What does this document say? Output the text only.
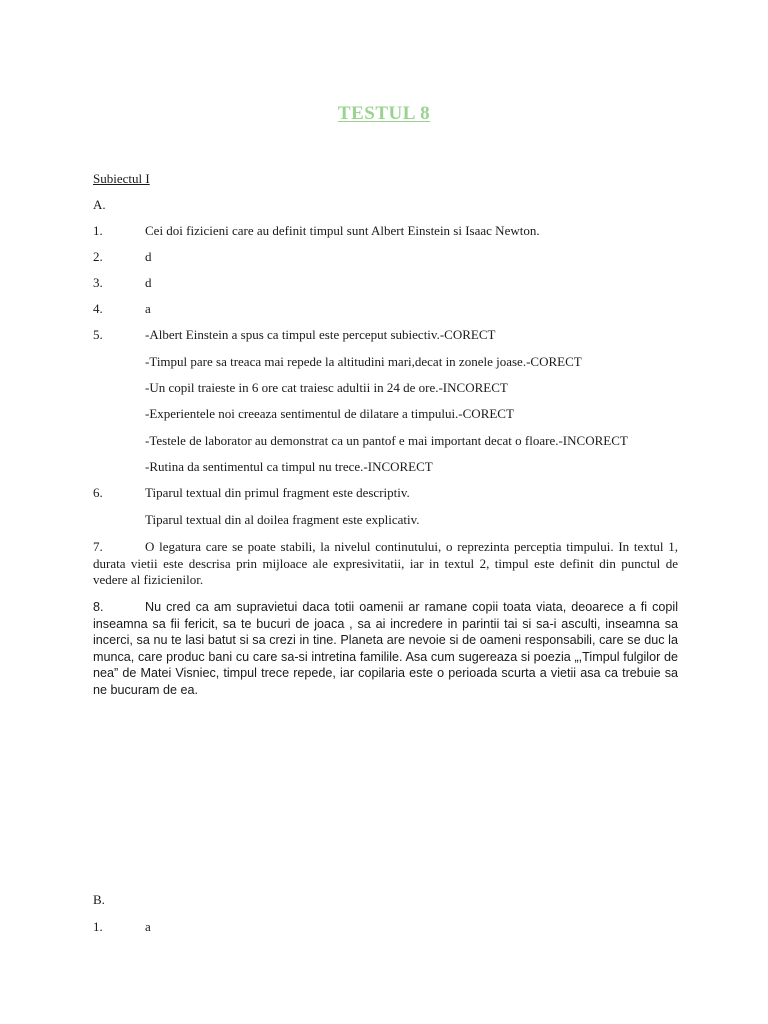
TESTUL 8
Subiectul I
A.
1.	Cei doi fizicieni care au definit timpul sunt Albert Einstein si Isaac Newton.
2.	d
3.	d
4.	a
5.	-Albert Einstein a spus ca timpul este perceput subiectiv.-CORECT
-Timpul pare sa treaca mai repede la altitudini mari,decat in zonele joase.-CORECT
-Un copil traieste in 6 ore cat traiesc adultii in 24 de ore.-INCORECT
-Experientele noi creeaza sentimentul de dilatare a timpului.-CORECT
-Testele de laborator au demonstrat ca un pantof e mai important decat o floare.-INCORECT
-Rutina da sentimentul ca timpul nu trece.-INCORECT
6.	Tiparul textual din primul fragment este descriptiv.
Tiparul textual din al doilea fragment este explicativ.
7.	O legatura care se poate stabili, la nivelul continutului, o reprezinta perceptia timpului. In textul 1, durata vietii este descrisa prin mijloace ale expresivitatii, iar in textul 2, timpul este definit din punctul de vedere al fizicienilor.
8.	Nu cred ca am supravietui daca totii oamenii ar ramane copii toata viata, deoarece a fi copil inseamna sa fii fericit, sa te bucuri de joaca , sa ai incredere in parintii tai si sa-i asculti, inseamna sa incerci, sa nu te lasi batut si sa crezi in tine. Planeta are nevoie si de oameni responsabili, care se duc la munca, care produc bani cu care sa-si intretina familile. Asa cum sugereaza si poezia „,Timpul fulgilor de nea” de Matei Visniec, timpul trece repede, iar copilaria este o perioada scurta a vietii asa ca trebuie sa ne bucuram de ea.
B.
1.	a
